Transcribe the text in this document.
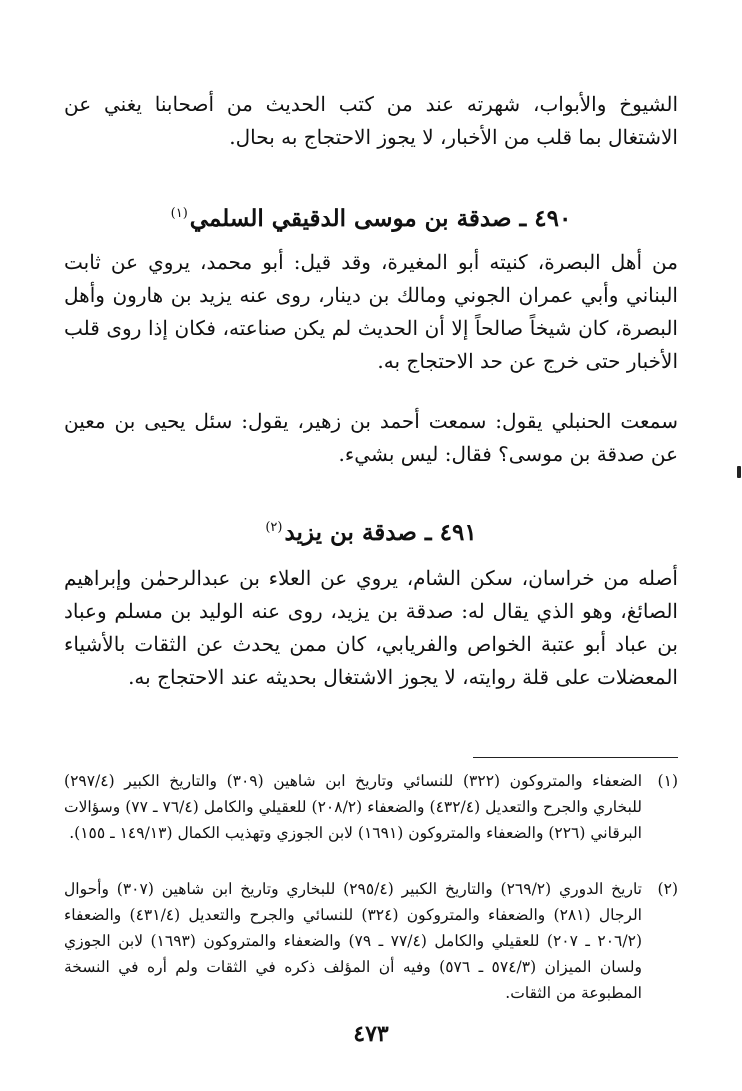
الشيوخ والأبواب، شهرته عند من كتب الحديث من أصحابنا يغني عن الاشتغال بما قلب من الأخبار، لا يجوز الاحتجاج به بحال.

٤٩٠ ـ صدقة بن موسى الدقيقي السلمي$^{(١)}$

من أهل البصرة، كنيته أبو المغيرة، وقد قيل: أبو محمد، يروي عن ثابت البناني وأبي عمران الجوني ومالك بن دينار، روى عنه يزيد بن هارون وأهل البصرة، كان شيخاً صالحاً إلا أن الحديث لم يكن صناعته، فكان إذا روى قلب الأخبار حتى خرج عن حد الاحتجاج به.

سمعت الحنبلي يقول: سمعت أحمد بن زهير، يقول: سئل يحيى بن معين عن صدقة بن موسى؟ فقال: ليس بشيء.

٤٩١ ـ صدقة بن يزيد$^{(٢)}$

أصله من خراسان، سكن الشام، يروي عن العلاء بن عبدالرحمٰن وإبراهيم الصائغ، وهو الذي يقال له: صدقة بن يزيد، روى عنه الوليد بن مسلم وعباد بن عباد أبو عتبة الخواص والفريابي، كان ممن يحدث عن الثقات بالأشياء المعضلات على قلة روايته، لا يجوز الاشتغال بحديثه عند الاحتجاج به.

(١)
الضعفاء والمتروكون (٣٢٢) للنسائي وتاريخ ابن شاهين (٣٠٩) والتاريخ الكبير (٢٩٧/٤) للبخاري والجرح والتعديل (٤٣٢/٤) والضعفاء (٢٠٨/٢) للعقيلي والكامل (٧٦/٤ ـ ٧٧) وسؤالات البرقاني (٢٢٦) والضعفاء والمتروكون (١٦٩١) لابن الجوزي وتهذيب الكمال (١٤٩/١٣ ـ ١٥٥).
(٢)
تاريخ الدوري (٢٦٩/٢) والتاريخ الكبير (٢٩٥/٤) للبخاري وتاريخ ابن شاهين (٣٠٧) وأحوال الرجال (٢٨١) والضعفاء والمتروكون (٣٢٤) للنسائي والجرح والتعديل (٤٣١/٤) والضعفاء (٢٠٦/٢ ـ ٢٠٧) للعقيلي والكامل (٧٧/٤ ـ ٧٩) والضعفاء والمتروكون (١٦٩٣) لابن الجوزي ولسان الميزان (٥٧٤/٣ ـ ٥٧٦) وفيه أن المؤلف ذكره في الثقات ولم أره في النسخة المطبوعة من الثقات.
٤٧٣
